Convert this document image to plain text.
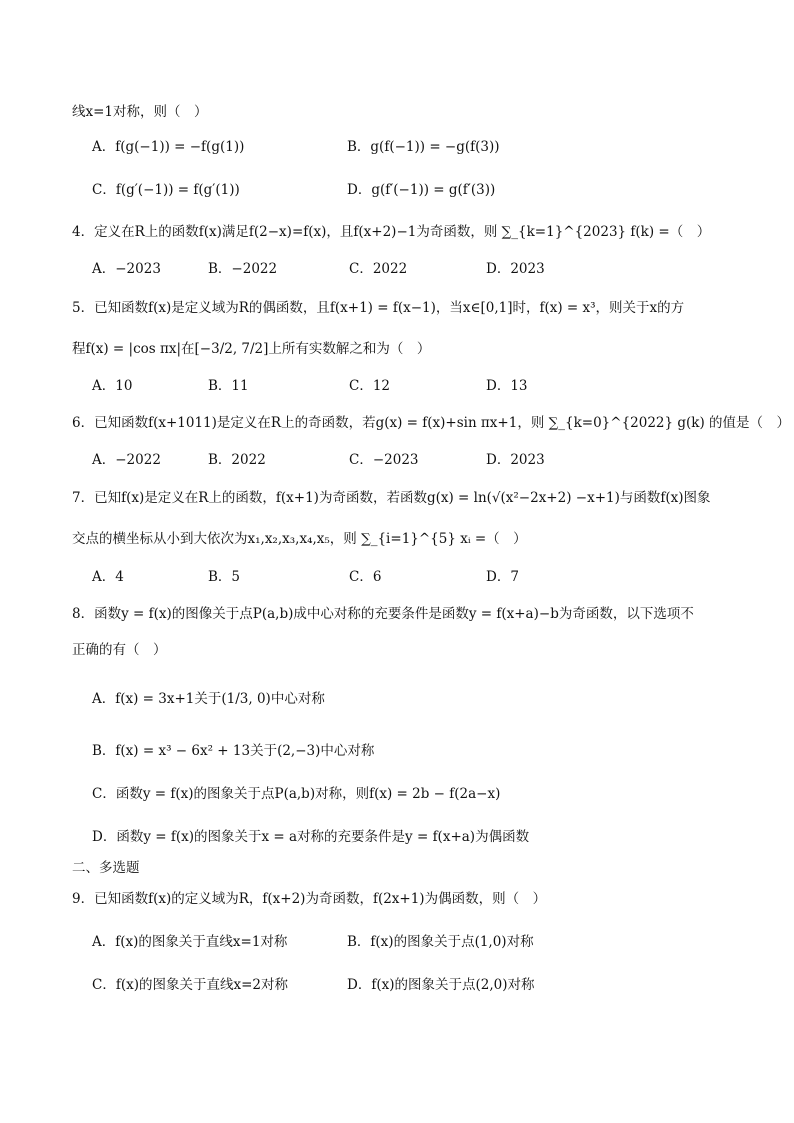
线x=1对称，则（　）
A．f(g(−1)) = −f(g(1))	B．g(f(−1)) = −g(f(3))
C．f(g′(−1)) = f(g′(1))	D．g(f′(−1)) = g(f′(3))
4．定义在R上的函数f(x)满足f(2−x)=f(x)，且f(x+2)−1为奇函数，则 ∑_{k=1}^{2023} f(k) =（　）
A．−2023	B．−2022	C．2022	D．2023
5．已知函数f(x)是定义域为R的偶函数，且f(x+1) = f(x−1)，当x∈[0,1]时，f(x) = x³，则关于x的方
程f(x) = |cos πx|在[−3/2, 7/2]上所有实数解之和为（　）
A．10	B．11	C．12	D．13
6．已知函数f(x+1011)是定义在R上的奇函数，若g(x) = f(x)+sin πx+1，则 ∑_{k=0}^{2022} g(k) 的值是（　）
A．−2022	B．2022	C．−2023	D．2023
7．已知f(x)是定义在R上的函数，f(x+1)为奇函数，若函数g(x) = ln(√(x²−2x+2) −x+1)与函数f(x)图象
交点的横坐标从小到大依次为x₁,x₂,x₃,x₄,x₅，则 ∑_{i=1}^{5} xᵢ =（　）
A．4	B．5	C．6	D．7
8．函数y = f(x)的图像关于点P(a,b)成中心对称的充要条件是函数y = f(x+a)−b为奇函数，以下选项不
正确的有（　）
A．f(x) = 3x+1关于(1/3, 0)中心对称
B．f(x) = x³ − 6x² + 13关于(2,−3)中心对称
C．函数y = f(x)的图象关于点P(a,b)对称，则f(x) = 2b − f(2a−x)
D．函数y = f(x)的图象关于x = a对称的充要条件是y = f(x+a)为偶函数
二、多选题
9．已知函数f(x)的定义域为R，f(x+2)为奇函数，f(2x+1)为偶函数，则（　）
A．f(x)的图象关于直线x=1对称	B．f(x)的图象关于点(1,0)对称
C．f(x)的图象关于直线x=2对称	D．f(x)的图象关于点(2,0)对称
